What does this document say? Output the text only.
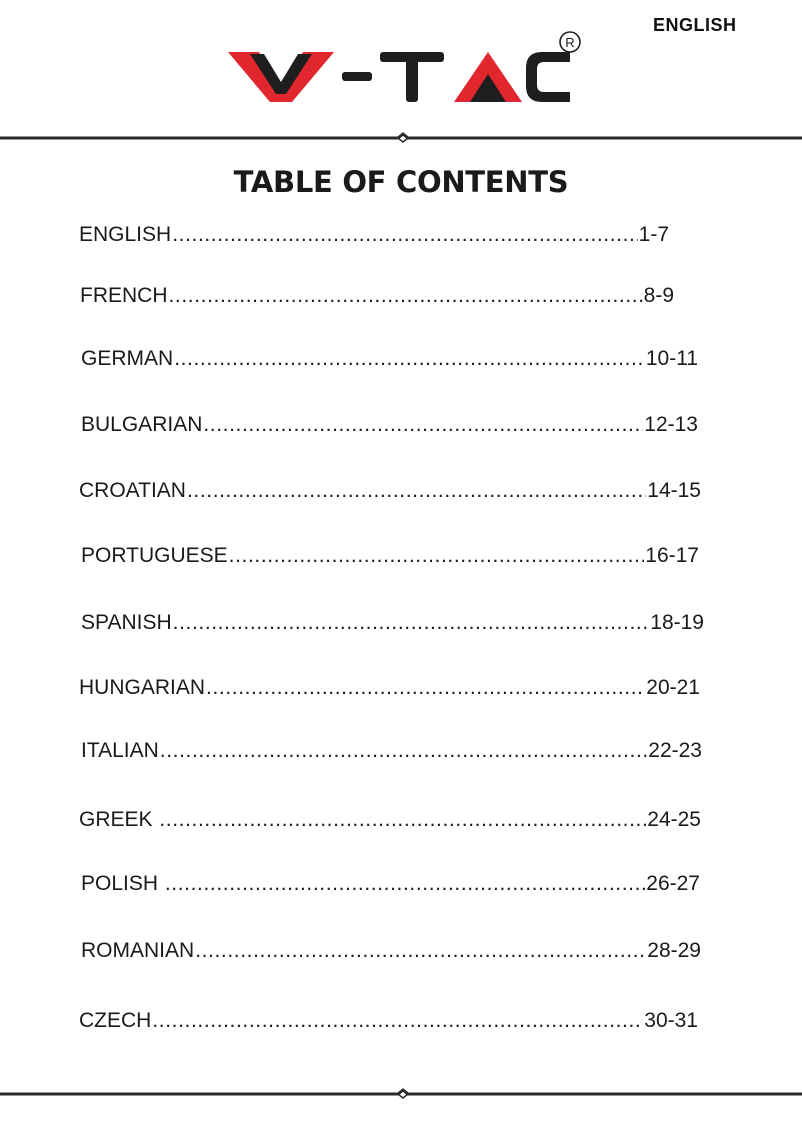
ENGLISH
R
TABLE OF CONTENTS
ENGLISH .....	1-7
FRENCH .....	8-9
GERMAN .....	10-11
BULGARIAN .....	12-13
CROATIAN .....	14-15
PORTUGUESE .....	16-17
SPANISH .....	18-19
HUNGARIAN .....	20-21
ITALIAN .....	22-23
GREEK .....	24-25
POLISH .....	26-27
ROMANIAN .....	28-29
CZECH .....	30-31
